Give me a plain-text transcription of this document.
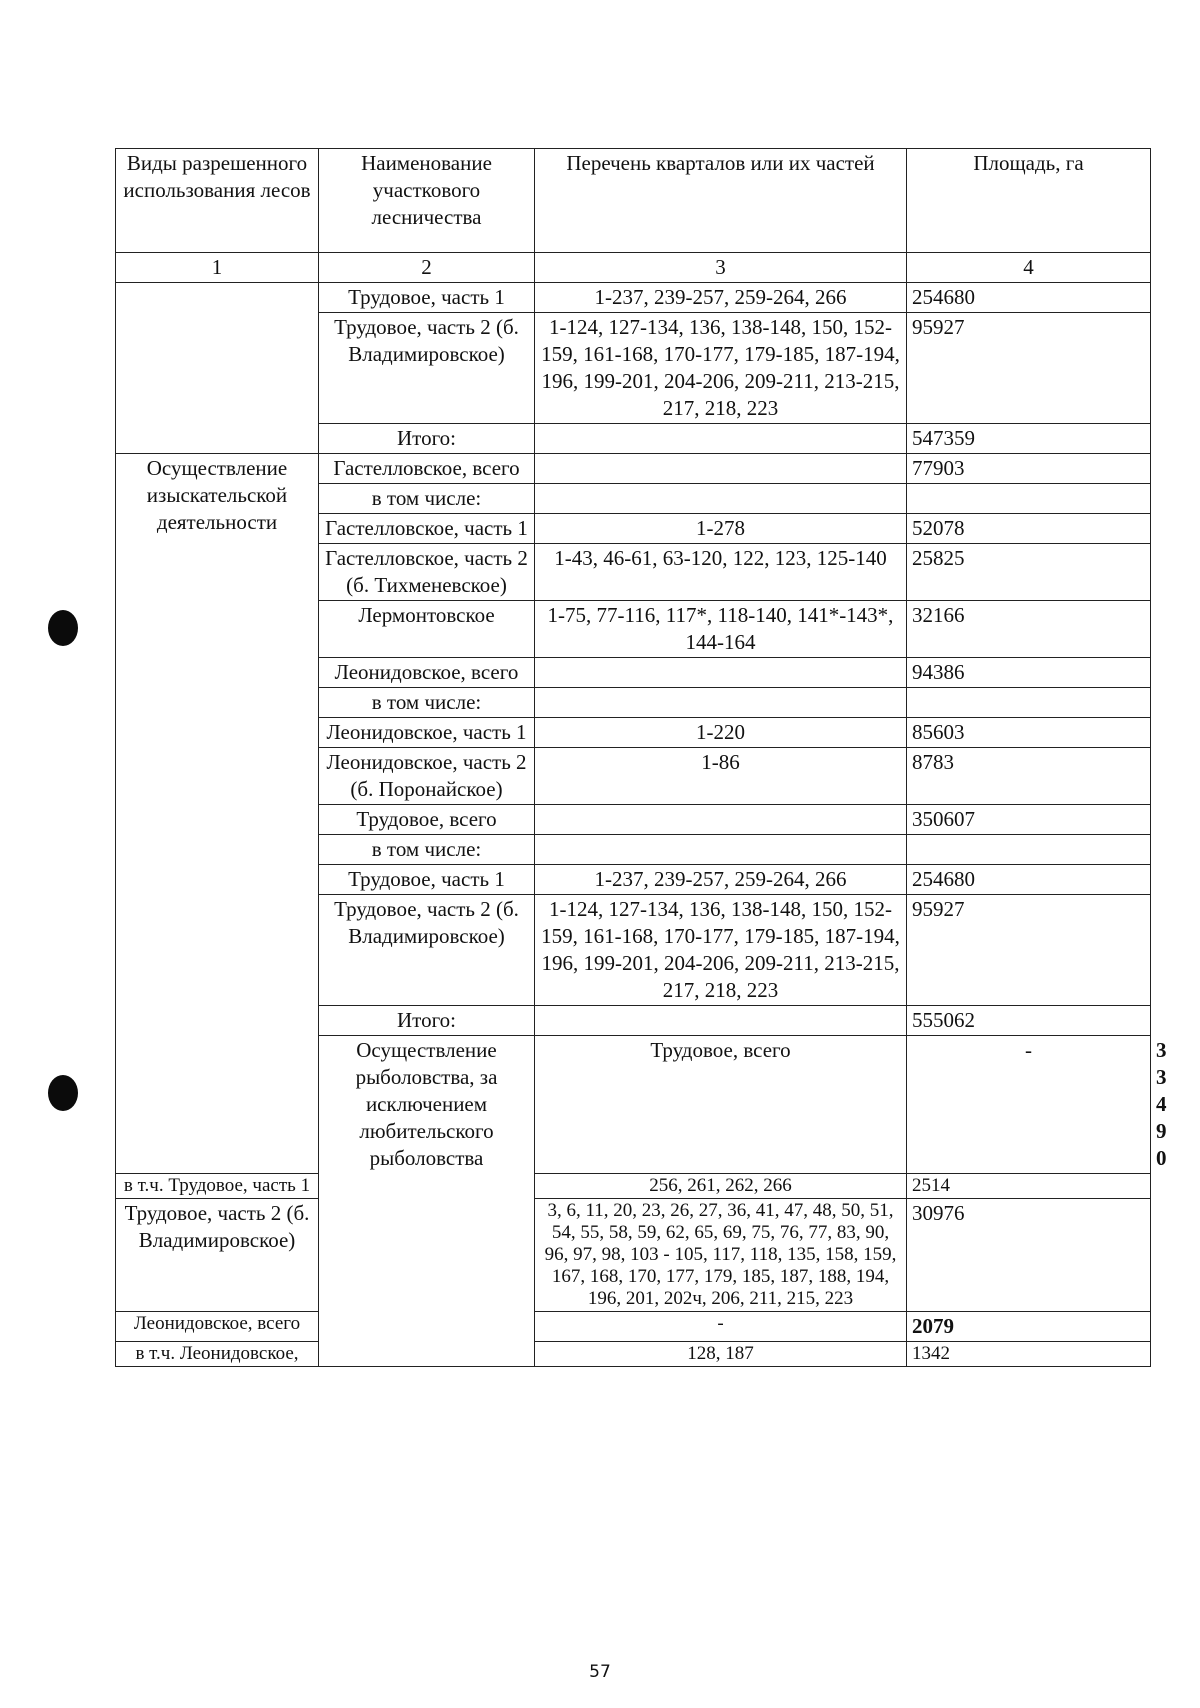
Виды разрешенного использования лесов	Наименование участкового лесничества	Перечень кварталов или их частей	Площадь, га	
1	2	3	4	
	Трудовое, часть 1	1-237, 239-257, 259-264, 266	254680	
	Трудовое, часть 2 (б. Владимировское)	1-124, 127-134, 136, 138-148, 150, 152-159, 161-168, 170-177, 179-185, 187-194, 196, 199-201, 204-206, 209-211, 213-215, 217, 218, 223	95927	
	Итого:		547359	
Осуществление изыскательской деятельности	Гастелловское, всего		77903	
	в том числе:			
	Гастелловское, часть 1	1-278	52078	
	Гастелловское, часть 2 (б. Тихменевское)	1-43, 46-61, 63-120, 122, 123, 125-140	25825	
	Лермонтовское	1-75, 77-116, 117*, 118-140, 141*-143*, 144-164	32166	
	Леонидовское, всего		94386	
	в том числе:			
	Леонидовское, часть 1	1-220	85603	
	Леонидовское, часть 2 (б. Поронайское)	1-86	8783	
	Трудовое, всего		350607	
	в том числе:			
	Трудовое, часть 1	1-237, 239-257, 259-264, 266	254680	
	Трудовое, часть 2 (б. Владимировское)	1-124, 127-134, 136, 138-148, 150, 152-159, 161-168, 170-177, 179-185, 187-194, 196, 199-201, 204-206, 209-211, 213-215, 217, 218, 223	95927	
	Итого:		555062	
	Осуществление рыболовства, за исключением любительского рыболовства	Трудовое, всего	-	33490
в т.ч. Трудовое, часть 1		256, 261, 262, 266	2514	
Трудовое, часть 2 (б. Владимировское)		3, 6, 11, 20, 23, 26, 27, 36, 41, 47, 48, 50, 51, 54, 55, 58, 59, 62, 65, 69, 75, 76, 77, 83, 90, 96, 97, 98, 103 - 105, 117, 118, 135, 158, 159, 167, 168, 170, 177, 179, 185, 187, 188, 194, 196, 201, 202ч, 206, 211, 215, 223	30976	
Леонидовское, всего		-	2079	
в т.ч. Леонидовское,		128, 187	1342	
57
